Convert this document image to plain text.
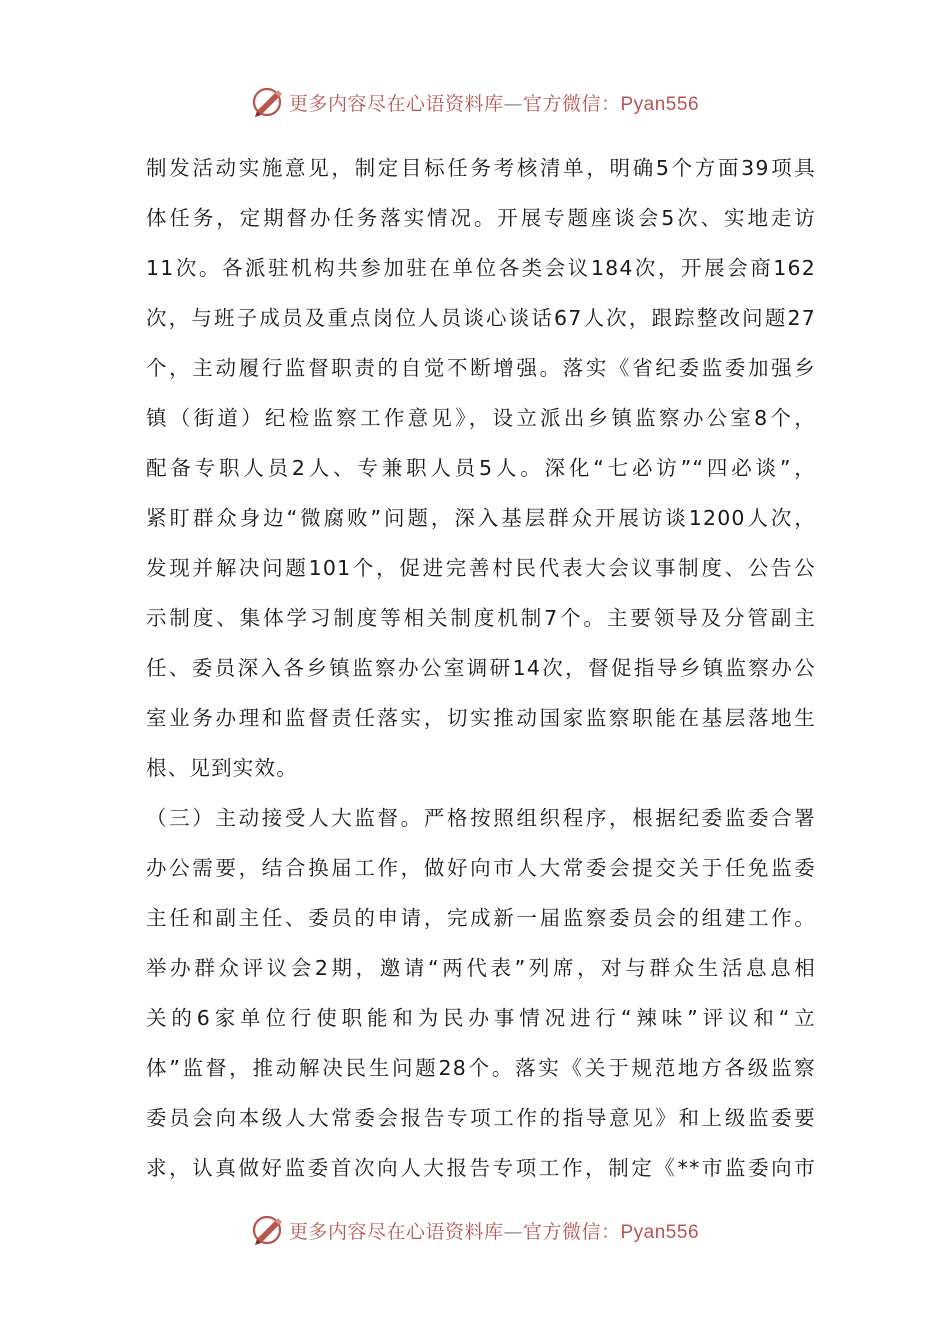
更多内容尽在心语资料库—官方微信：Pyan556
制发活动实施意见，制定目标任务考核清单，明确5个方面39项具
体任务，定期督办任务落实情况。开展专题座谈会5次、实地走访
11次。各派驻机构共参加驻在单位各类会议184次，开展会商162
次，与班子成员及重点岗位人员谈心谈话67人次，跟踪整改问题27
个，主动履行监督职责的自觉不断增强。落实《省纪委监委加强乡
镇（街道）纪检监察工作意见》，设立派出乡镇监察办公室8个，
配备专职人员2人、专兼职人员5人。深化“七必访”“四必谈”，
紧盯群众身边“微腐败”问题，深入基层群众开展访谈1200人次，
发现并解决问题101个，促进完善村民代表大会议事制度、公告公
示制度、集体学习制度等相关制度机制7个。主要领导及分管副主
任、委员深入各乡镇监察办公室调研14次，督促指导乡镇监察办公
室业务办理和监督责任落实，切实推动国家监察职能在基层落地生
根、见到实效。
（三）主动接受人大监督。严格按照组织程序，根据纪委监委合署
办公需要，结合换届工作，做好向市人大常委会提交关于任免监委
主任和副主任、委员的申请，完成新一届监察委员会的组建工作。
举办群众评议会2期，邀请“两代表”列席，对与群众生活息息相
关的6家单位行使职能和为民办事情况进行“辣味”评议和“立
体”监督，推动解决民生问题28个。落实《关于规范地方各级监察
委员会向本级人大常委会报告专项工作的指导意见》和上级监委要
求，认真做好监委首次向人大报告专项工作，制定《**市监委向市
更多内容尽在心语资料库—官方微信：Pyan556
